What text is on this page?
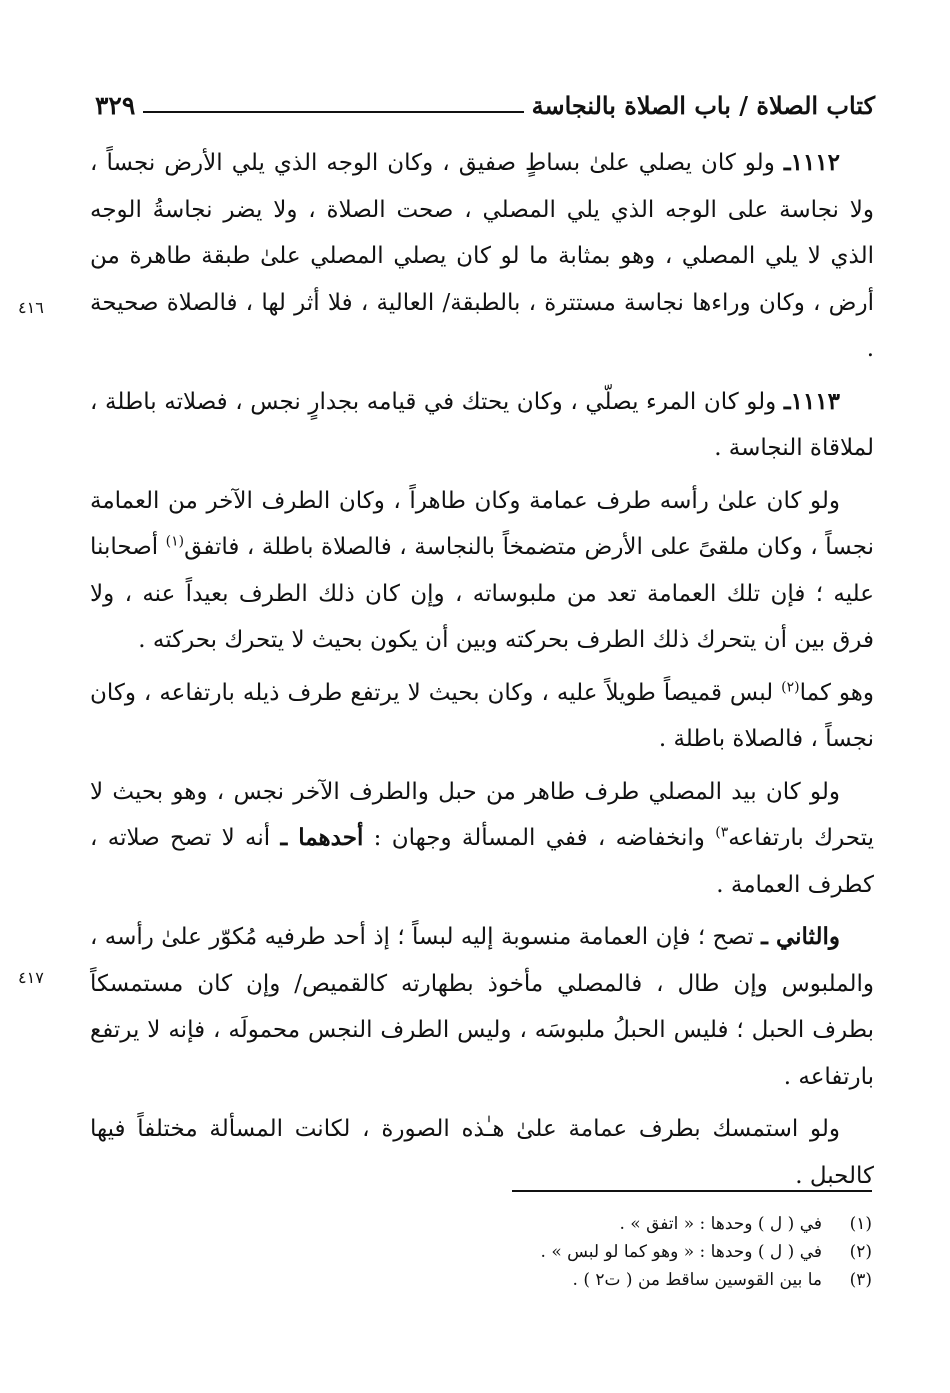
كتاب الصلاة / باب الصلاة بالنجاسة
٣٢٩
٤١٦
٤١٧

١١١٢ـ ولو كان يصلي علىٰ بساطٍ صفيق ، وكان الوجه الذي يلي الأرض نجساً ، ولا نجاسة على الوجه الذي يلي المصلي ، صحت الصلاة ، ولا يضر نجاسةُ الوجه الذي لا يلي المصلي ، وهو بمثابة ما لو كان يصلي المصلي علىٰ طبقة طاهرة من أرض ، وكان وراءها نجاسة مستترة ، بالطبقة/ العالية ، فلا أثر لها ، فالصلاة صحيحة .

١١١٣ـ ولو كان المرء يصلّي ، وكان يحتك في قيامه بجدارٍ نجس ، فصلاته باطلة ، لملاقاة النجاسة .

ولو كان علىٰ رأسه طرف عمامة وكان طاهراً ، وكان الطرف الآخر من العمامة نجساً ، وكان ملقىً على الأرض متضمخاً بالنجاسة ، فالصلاة باطلة ، فاتفق$^{(١)}$ أصحابنا عليه ؛ فإن تلك العمامة تعد من ملبوساته ، وإن كان ذلك الطرف بعيداً عنه ، ولا فرق بين أن يتحرك ذلك الطرف بحركته وبين أن يكون بحيث لا يتحرك بحركته .

وهو كما$^{(٢)}$ لبس قميصاً طويلاً عليه ، وكان بحيث لا يرتفع طرف ذيله بارتفاعه ، وكان نجساً ، فالصلاة باطلة .

ولو كان بيد المصلي طرف طاهر من حبل والطرف الآخر نجس ، وهو بحيث لا يتحرك بارتفاعه$^{٣)}$ وانخفاضه ، ففي المسألة وجهان : أحدهما ـ أنه لا تصح صلاته ، كطرف العمامة .

والثاني ـ تصح ؛ فإن العمامة منسوبة إليه لبساً ؛ إذ أحد طرفيه مُكوّر علىٰ رأسه ، والملبوس وإن طال ، فالمصلي مأخوذ بطهارته كالقميص/ وإن كان مستمسكاً بطرف الحبل ؛ فليس الحبلُ ملبوسَه ، وليس الطرف النجس محمولَه ، فإنه لا يرتفع بارتفاعه .

ولو استمسك بطرف عمامة علىٰ هـٰذه الصورة ، لكانت المسألة مختلفاً فيها كالحبل .

(١)
في ( ل ) وحدها : « اتفق » .
(٢)
في ( ل ) وحدها : « وهو كما لو لبس » .
(٣)
ما بين القوسين ساقط من ( ت٢ ) .
